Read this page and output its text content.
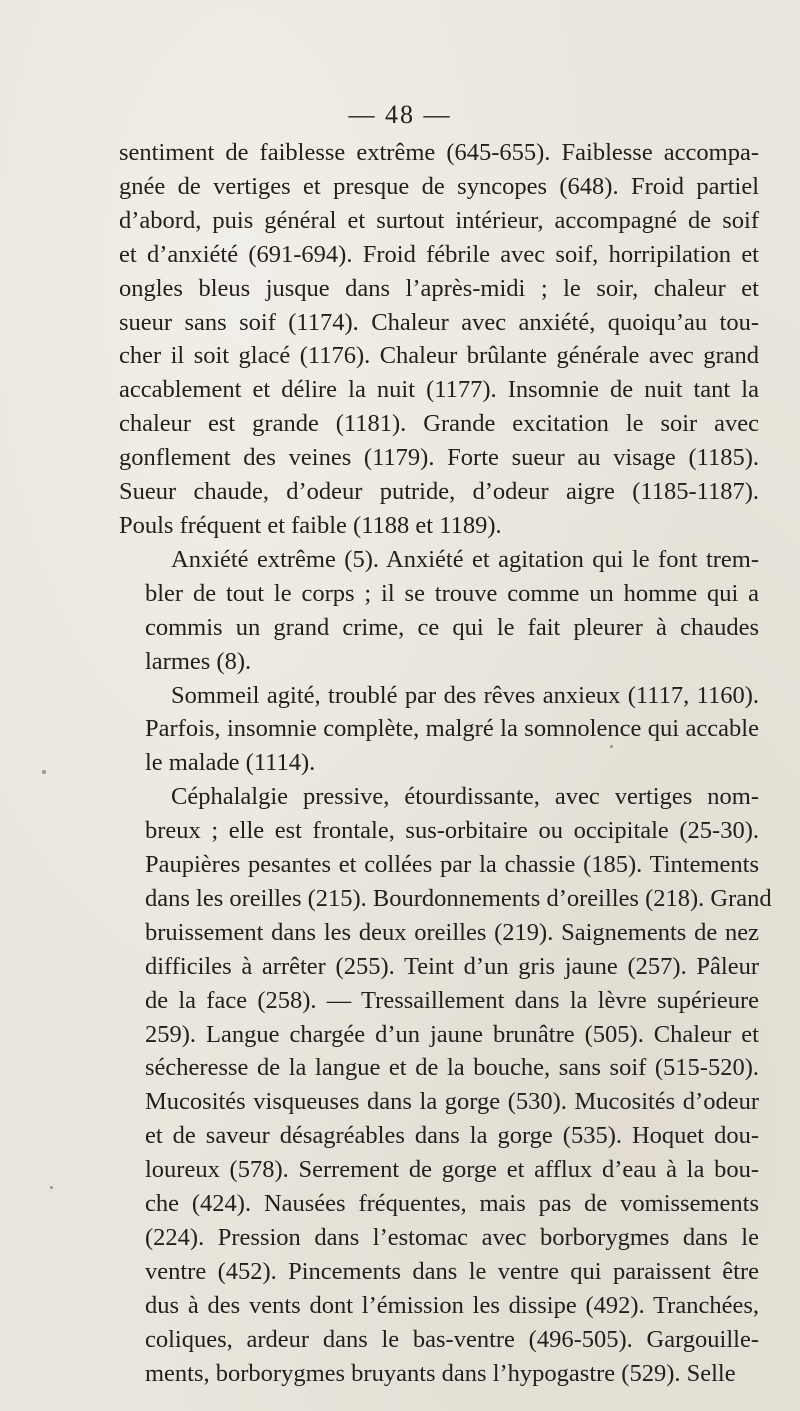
— 48 —
sentiment de faiblesse extrême (645-655). Faiblesse accompa-
gnée de vertiges et presque de syncopes (648). Froid partiel
d’abord, puis général et surtout intérieur, accompagné de soif
et d’anxiété (691-694). Froid fébrile avec soif, horripilation et
ongles bleus jusque dans l’après-midi ; le soir, chaleur et
sueur sans soif (1174). Chaleur avec anxiété, quoiqu’au tou-
cher il soit glacé (1176). Chaleur brûlante générale avec grand
accablement et délire la nuit (1177). Insomnie de nuit tant la
chaleur est grande (1181). Grande excitation le soir avec
gonflement des veines (1179). Forte sueur au visage (1185).
Sueur chaude, d’odeur putride, d’odeur aigre (1185-1187).
Pouls fréquent et faible (1188 et 1189).
Anxiété extrême (5). Anxiété et agitation qui le font trem-
bler de tout le corps ; il se trouve comme un homme qui a
commis un grand crime, ce qui le fait pleurer à chaudes
larmes (8).
Sommeil agité, troublé par des rêves anxieux (1117, 1160).
Parfois, insomnie complète, malgré la somnolence qui accable
le malade (1114).
Céphalalgie pressive, étourdissante, avec vertiges nom-
breux ; elle est frontale, sus-orbitaire ou occipitale (25-30).
Paupières pesantes et collées par la chassie (185). Tintements
dans les oreilles (215). Bourdonnements d’oreilles (218). Grand
bruissement dans les deux oreilles (219). Saignements de nez
difficiles à arrêter (255). Teint d’un gris jaune (257). Pâleur
de la face (258). — Tressaillement dans la lèvre supérieure
259). Langue chargée d’un jaune brunâtre (505). Chaleur et
sécheresse de la langue et de la bouche, sans soif (515-520).
Mucosités visqueuses dans la gorge (530). Mucosités d’odeur
et de saveur désagréables dans la gorge (535). Hoquet dou-
loureux (578). Serrement de gorge et afflux d’eau à la bou-
che (424). Nausées fréquentes, mais pas de vomissements
(224). Pression dans l’estomac avec borborygmes dans le
ventre (452). Pincements dans le ventre qui paraissent être
dus à des vents dont l’émission les dissipe (492). Tranchées,
coliques, ardeur dans le bas-ventre (496-505). Gargouille-
ments, borborygmes bruyants dans l’hypogastre (529). Selle
